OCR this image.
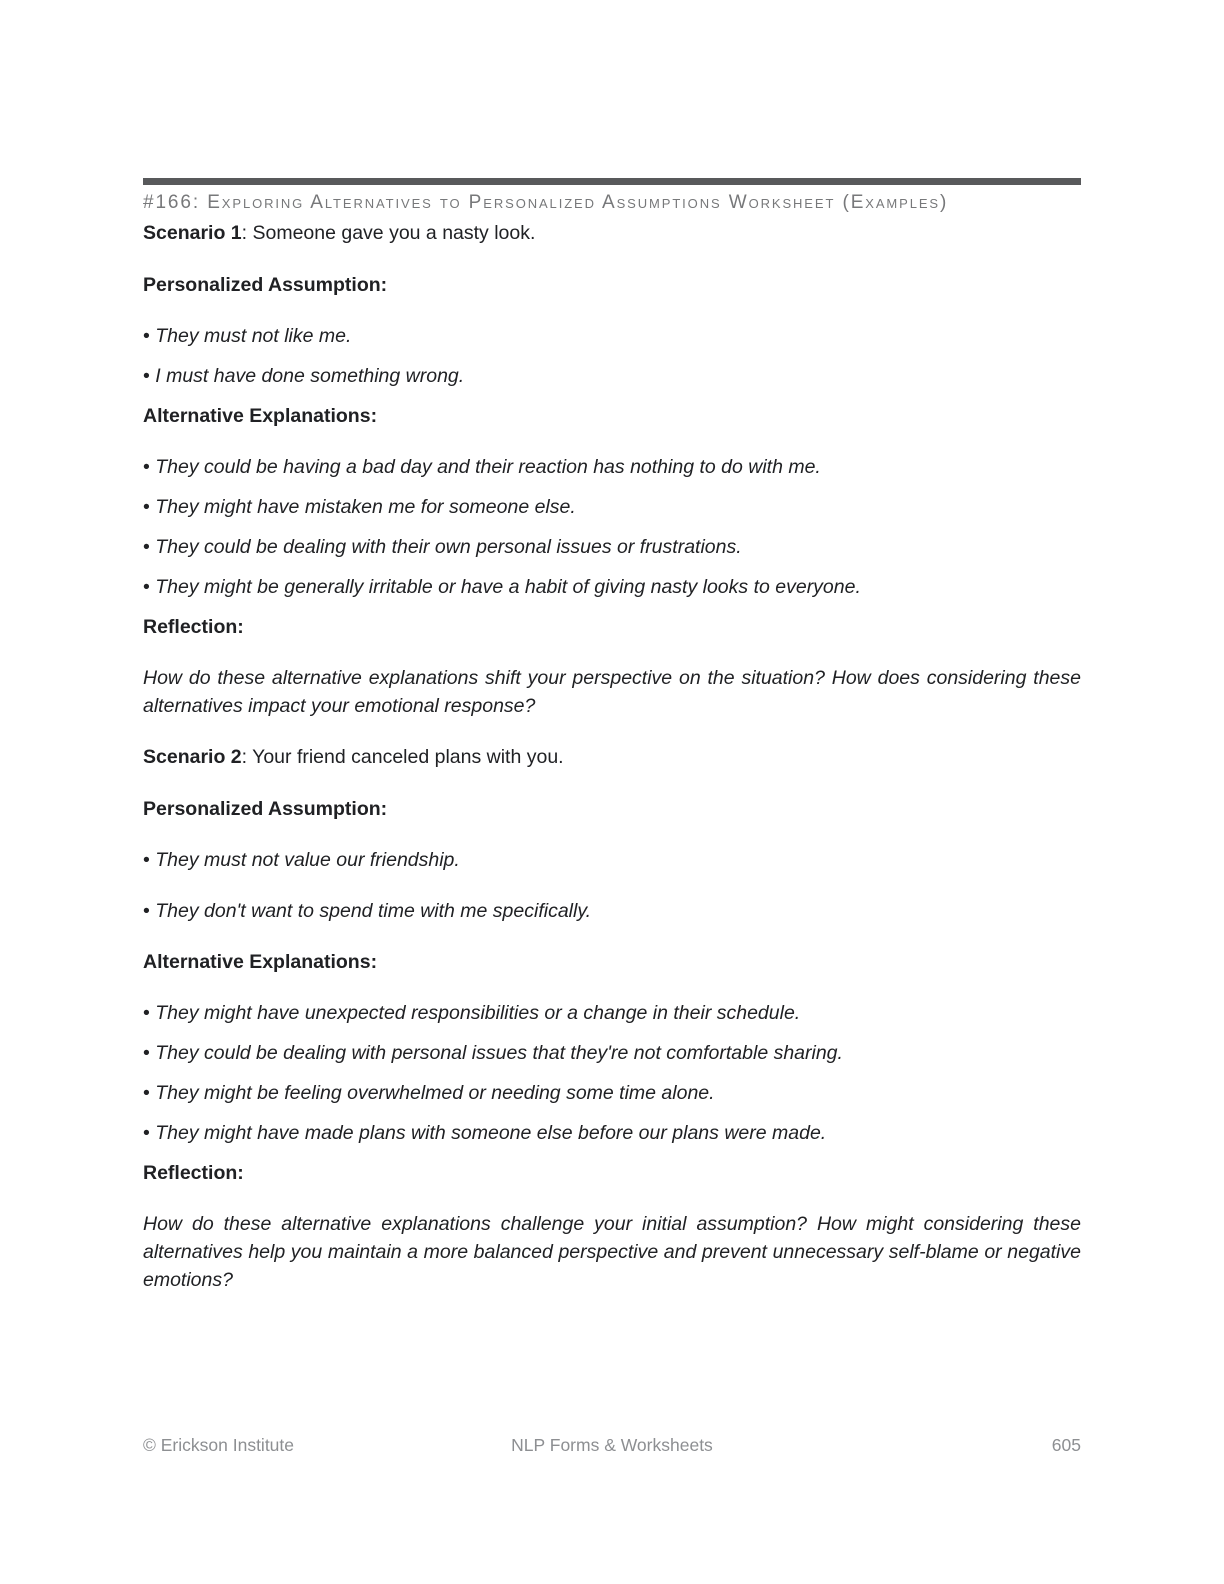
#166: Exploring Alternatives to Personalized Assumptions Worksheet (Examples)

Scenario 1: Someone gave you a nasty look.

Personalized Assumption:

• They must not like me.

• I must have done something wrong.

Alternative Explanations:

• They could be having a bad day and their reaction has nothing to do with me.

• They might have mistaken me for someone else.

• They could be dealing with their own personal issues or frustrations.

• They might be generally irritable or have a habit of giving nasty looks to everyone.

Reflection:

How do these alternative explanations shift your perspective on the situation? How does considering these alternatives impact your emotional response?

Scenario 2: Your friend canceled plans with you.

Personalized Assumption:

• They must not value our friendship.

• They don't want to spend time with me specifically.

Alternative Explanations:

• They might have unexpected responsibilities or a change in their schedule.

• They could be dealing with personal issues that they're not comfortable sharing.

• They might be feeling overwhelmed or needing some time alone.

• They might have made plans with someone else before our plans were made.

Reflection:

How do these alternative explanations challenge your initial assumption? How might considering these alternatives help you maintain a more balanced perspective and prevent unnecessary self-blame or negative emotions?

© Erickson Institute	NLP Forms & Worksheets	605
